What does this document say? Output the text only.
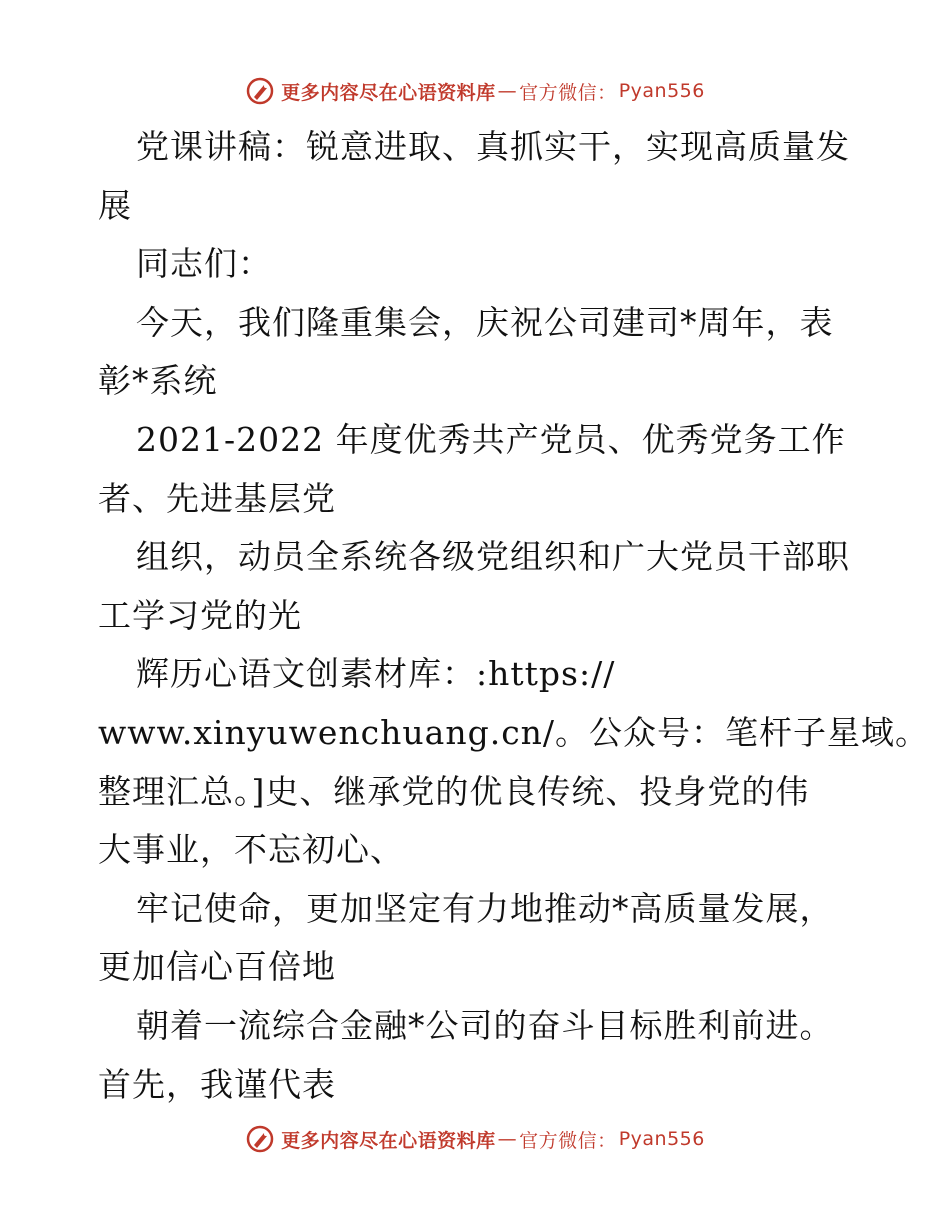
更多内容尽在心语资料库 — 官方微信： Pyan556
党课讲稿：锐意进取、真抓实干，实现高质量发
展
同志们：
今天，我们隆重集会，庆祝公司建司*周年，表
彰*系统
2021-2022 年度优秀共产党员、优秀党务工作
者、先进基层党
组织，动员全系统各级党组织和广大党员干部职
工学习党的光
辉历心语文创素材库：:https://
www.xinyuwenchuang.cn/。公众号：笔杆子星域。
整理汇总。]史、继承党的优良传统、投身党的伟
大事业，不忘初心、
牢记使命，更加坚定有力地推动*高质量发展，
更加信心百倍地
朝着一流综合金融*公司的奋斗目标胜利前进。
首先，我谨代表
更多内容尽在心语资料库 — 官方微信： Pyan556
